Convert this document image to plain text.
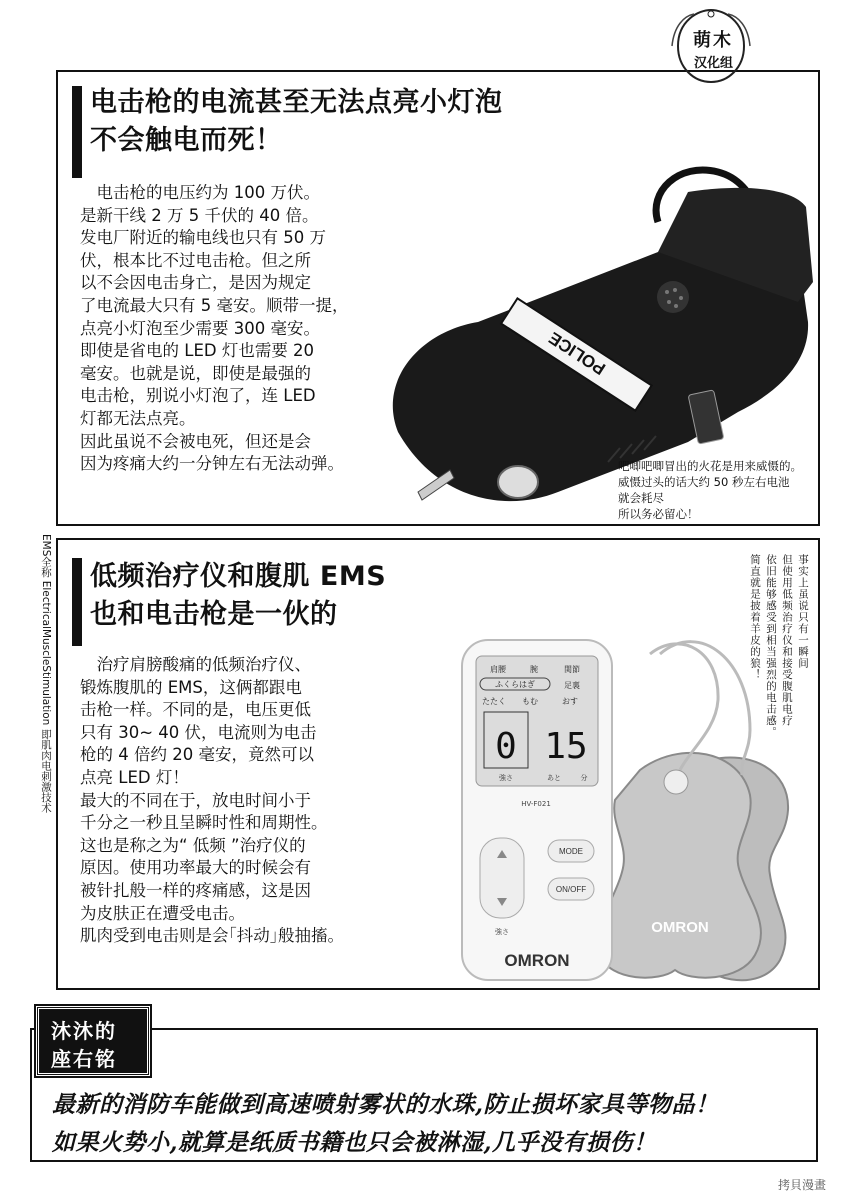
电击枪的电流甚至无法点亮小灯泡
不会触电而死！

　电击枪的电压约为 100 万伏。
是新干线 2 万 5 千伏的 40 倍。
发电厂附近的输电线也只有 50 万
伏，根本比不过电击枪。但之所
以不会因电击身亡，是因为规定
了电流最大只有 5 毫安。顺带一提，
点亮小灯泡至少需要 300 毫安。
即使是省电的 LED 灯也需要 20
毫安。也就是说，即使是最强的
电击枪，别说小灯泡了，连 LED
灯都无法点亮。
因此虽说不会被电死，但还是会
因为疼痛大约一分钟左右无法动弹。

POLICE

吧唧吧唧冒出的火花是用来威慑的。
威慑过头的话大约 50 秒左右电池
就会耗尽
所以务必留心！

萌木
汉化组
EMS全称 ElectricalMuscleStimulation 即肌肉电刺激技术 低频治疗仪和腹肌 EMS
也和电击枪是一伙的

　治疗肩膀酸痛的低频治疗仪、
锻炼腹肌的 EMS，这俩都跟电
击枪一样。不同的是，电压更低
只有 30~ 40 伏，电流则为电击
枪的 4 倍约 20 毫安，竟然可以
点亮 LED 灯！
最大的不同在于，放电时间小于
千分之一秒且呈瞬时性和周期性。
这也是称之为“ 低频 ”治疗仪的
原因。使用功率最大的时候会有
被针扎般一样的疼痛感，这是因
为皮肤正在遭受电击。
肌肉受到电击则是会｢抖动｣般抽搐。

事实上虽说只有一瞬间
但使用低频治疗仪和接受腹肌电疗
依旧能够感受到相当强烈的电击感。
简直就是披着羊皮的狼！
OMRON
肩腰	腕	関節
ふくらはぎ	足裏
たたく もむ	おす
0 15
強さ	あと	分
HV-F021
強さ
MODE
ON/OFF
OMRON
最新的消防车能做到高速喷射雾状的水珠,防止损坏家具等物品！
如果火势小,就算是纸质书籍也只会被淋湿,几乎没有损伤！
沐沐的
座右铭
拷貝漫畫
